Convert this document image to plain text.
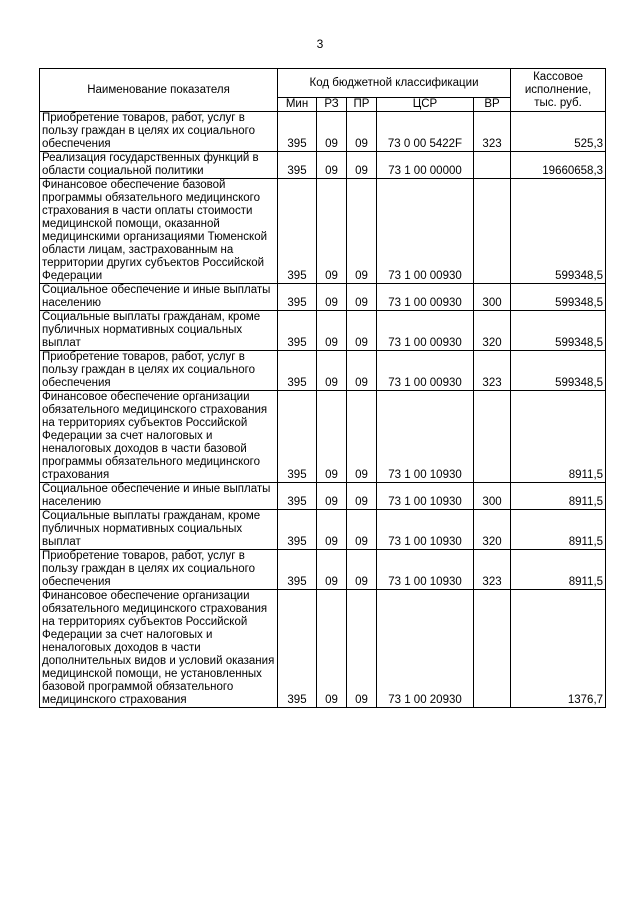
3
Наименование показателя	Код бюджетной классификации					Кассовое исполнение, тыс. руб.
	Мин	РЗ	ПР	ЦСР	ВР	
Приобретение товаров, работ, услуг в пользу граждан в целях их социального обеспечения	395	09	09	73 0 00 5422F	323	525,3
Реализация государственных функций в области социальной политики	395	09	09	73 1 00 00000		19660658,3
Финансовое обеспечение базовой программы обязательного медицинского страхования в части оплаты стоимости медицинской помощи, оказанной медицинскими организациями Тюменской области лицам, застрахованным на территории других субъектов Российской Федерации	395	09	09	73 1 00 00930		599348,5
Социальное обеспечение и иные выплаты населению	395	09	09	73 1 00 00930	300	599348,5
Социальные выплаты гражданам, кроме публичных нормативных социальных выплат	395	09	09	73 1 00 00930	320	599348,5
Приобретение товаров, работ, услуг в пользу граждан в целях их социального обеспечения	395	09	09	73 1 00 00930	323	599348,5
Финансовое обеспечение организации обязательного медицинского страхования на территориях субъектов Российской Федерации за счет налоговых и неналоговых доходов в части базовой программы обязательного медицинского страхования	395	09	09	73 1 00 10930		8911,5
Социальное обеспечение и иные выплаты населению	395	09	09	73 1 00 10930	300	8911,5
Социальные выплаты гражданам, кроме публичных нормативных социальных выплат	395	09	09	73 1 00 10930	320	8911,5
Приобретение товаров, работ, услуг в пользу граждан в целях их социального обеспечения	395	09	09	73 1 00 10930	323	8911,5
Финансовое обеспечение организации обязательного медицинского страхования на территориях субъектов Российской Федерации за счет налоговых и неналоговых доходов в части дополнительных видов и условий оказания медицинской помощи, не установленных базовой программой обязательного медицинского страхования	395	09	09	73 1 00 20930		1376,7
